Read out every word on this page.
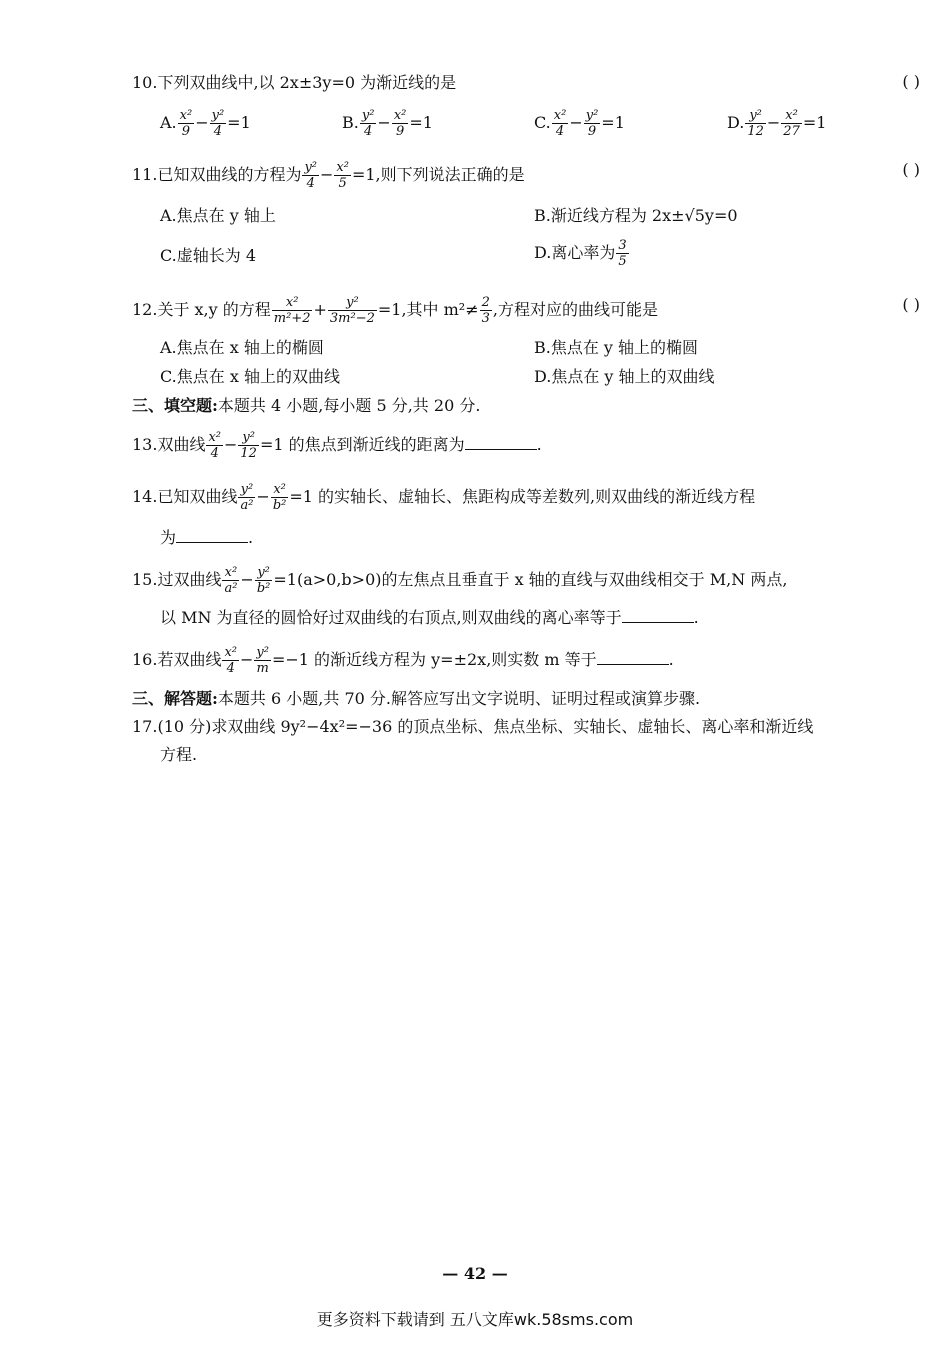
10.下列双曲线中,以 2x±3y=0 为渐近线的是	( )
A. $\frac{\text{x²}}{9} - \frac{\text{y²}}{4} =1$	B. $\frac{\text{y²}}{4} - \frac{\text{x²}}{9} =1$	C. $\frac{\text{x²}}{4} - \frac{\text{y²}}{9} =1$	D. $\frac{\text{y²}}{12} - \frac{\text{x²}}{27} =1$
11.已知双曲线的方程为 $\frac{\text{y²}}{4} - \frac{\text{x²}}{5} =1$,则下列说法正确的是	( )
A.焦点在 y 轴上	B.渐近线方程为 2x±√5y=0
C.虚轴长为 4	D.离心率为 $\frac{3}{5}$
12.关于 x,y 的方程 $\frac{\text{x²}}{\text{m²+2}} + \frac{\text{y²}}{\text{3m²−2}} =1$,其中 $m^2\ne \frac{2}{3}$ ,方程对应的曲线可能是	( )
A.焦点在 x 轴上的椭圆	B.焦点在 y 轴上的椭圆
C.焦点在 x 轴上的双曲线	D.焦点在 y 轴上的双曲线
三、填空题:本题共 4 小题,每小题 5 分,共 20 分.
13.双曲线 $\frac{\text{x²}}{4} - \frac{\text{y²}}{12} =1$ 的焦点到渐近线的距离为	.
14.已知双曲线 $\frac{\text{y²}}{\text{a²}} - \frac{\text{x²}}{\text{b²}} =1$ 的实轴长、虚轴长、焦距构成等差数列,则双曲线的渐近线方程
为	.
15.过双曲线 $\frac{\text{x²}}{\text{a²}} - \frac{\text{y²}}{\text{b²}} =1(a>0,b>0)$的左焦点且垂直于 x 轴的直线与双曲线相交于 M,N 两点,
以 MN 为直径的圆恰好过双曲线的右顶点,则双曲线的离心率等于	.
16.若双曲线 $\frac{\text{x²}}{4} - \frac{\text{y²}}{m} =-1$ 的渐近线方程为 y=±2x,则实数 m 等于	.
三、解答题:本题共 6 小题,共 70 分.解答应写出文字说明、证明过程或演算步骤.
17.(10 分)求双曲线 9y²−4x²=−36 的顶点坐标、焦点坐标、实轴长、虚轴长、离心率和渐近线
方程.
— 42 —
更多资料下载请到 五八文库wk.58sms.com
